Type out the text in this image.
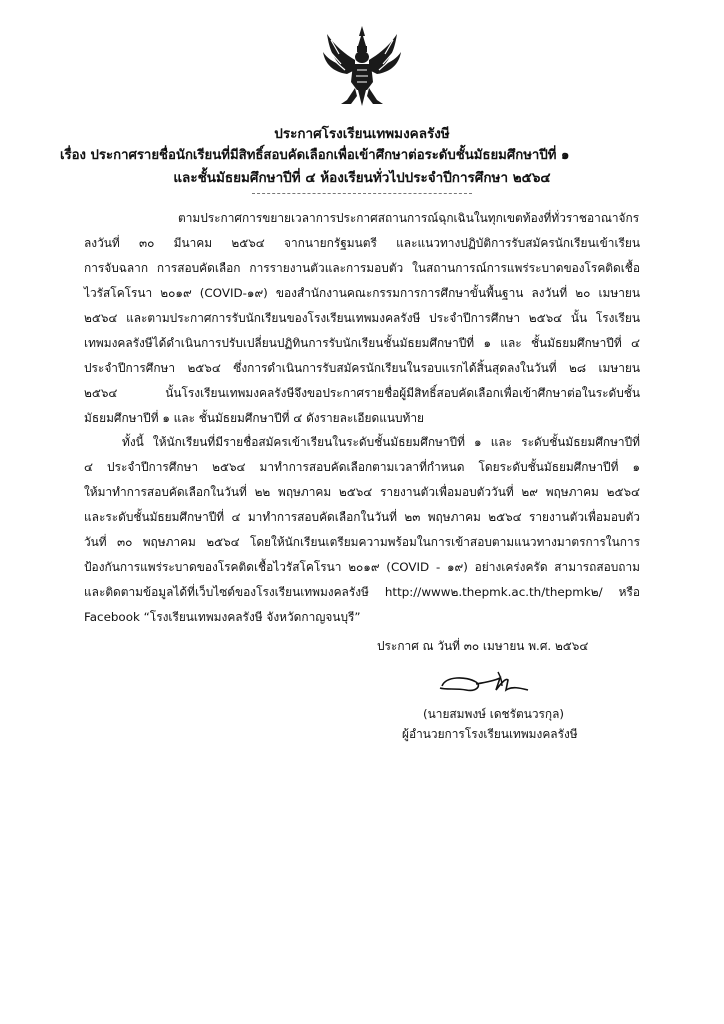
ประกาศโรงเรียนเทพมงคลรังษี
เรื่อง ประกาศรายชื่อนักเรียนที่มีสิทธิ์สอบคัดเลือกเพื่อเข้าศึกษาต่อระดับชั้นมัธยมศึกษาปีที่ ๑
และชั้นมัธยมศึกษาปีที่ ๔ ห้องเรียนทั่วไปประจำปีการศึกษา ๒๕๖๔
ตามประกาศการขยายเวลาการประกาศสถานการณ์ฉุกเฉินในทุกเขตท้องที่ทั่วราชอาณาจักร
ลงวันที่ ๓๐ มีนาคม ๒๕๖๔ จากนายกรัฐมนตรี และแนวทางปฏิบัติการรับสมัครนักเรียนเข้าเรียน
การจับฉลาก การสอบคัดเลือก การรายงานตัวและการมอบตัว ในสถานการณ์การแพร่ระบาดของโรคติดเชื้อ
ไวรัสโคโรนา ๒๐๑๙ (COVID-๑๙) ของสำนักงานคณะกรรมการการศึกษาขั้นพื้นฐาน ลงวันที่ ๒๐ เมษายน
๒๕๖๔ และตามประกาศการรับนักเรียนของโรงเรียนเทพมงคลรังษี ประจำปีการศึกษา ๒๕๖๔ นั้น โรงเรียน
เทพมงคลรังษีได้ดำเนินการปรับเปลี่ยนปฏิทินการรับนักเรียนชั้นมัธยมศึกษาปีที่ ๑ และ ชั้นมัธยมศึกษาปีที่ ๔
ประจำปีการศึกษา ๒๕๖๔ ซึ่งการดำเนินการรับสมัครนักเรียนในรอบแรกได้สิ้นสุดลงในวันที่ ๒๘ เมษายน
๒๕๖๔ นั้นโรงเรียนเทพมงคลรังษีจึงขอประกาศรายชื่อผู้มีสิทธิ์สอบคัดเลือกเพื่อเข้าศึกษาต่อในระดับชั้น
มัธยมศึกษาปีที่ ๑ และ ชั้นมัธยมศึกษาปีที่ ๔ ดังรายละเอียดแนบท้าย
ทั้งนี้ ให้นักเรียนที่มีรายชื่อสมัครเข้าเรียนในระดับชั้นมัธยมศึกษาปีที่ ๑ และ ระดับชั้นมัธยมศึกษาปีที่
๔ ประจำปีการศึกษา ๒๕๖๔ มาทำการสอบคัดเลือกตามเวลาที่กำหนด โดยระดับชั้นมัธยมศึกษาปีที่ ๑
ให้มาทำการสอบคัดเลือกในวันที่ ๒๒ พฤษภาคม ๒๕๖๔ รายงานตัวเพื่อมอบตัววันที่ ๒๙ พฤษภาคม ๒๕๖๔
และระดับชั้นมัธยมศึกษาปีที่ ๔ มาทำการสอบคัดเลือกในวันที่ ๒๓ พฤษภาคม ๒๕๖๔ รายงานตัวเพื่อมอบตัว
วันที่ ๓๐ พฤษภาคม ๒๕๖๔ โดยให้นักเรียนเตรียมความพร้อมในการเข้าสอบตามแนวทางมาตรการในการ
ป้องกันการแพร่ระบาดของโรคติดเชื้อไวรัสโคโรนา ๒๐๑๙ (COVID - ๑๙) อย่างเคร่งครัด สามารถสอบถาม
และติดตามข้อมูลได้ที่เว็บไซต์ของโรงเรียนเทพมงคลรังษี http://www๒.thepmk.ac.th/thepmk๒/ หรือ
Facebook “โรงเรียนเทพมงคลรังษี จังหวัดกาญจนบุรี”
ประกาศ ณ วันที่ ๓๐ เมษายน พ.ศ. ๒๕๖๔
(นายสมพงษ์ เดชรัตนวรกุล)
ผู้อำนวยการโรงเรียนเทพมงคลรังษี
